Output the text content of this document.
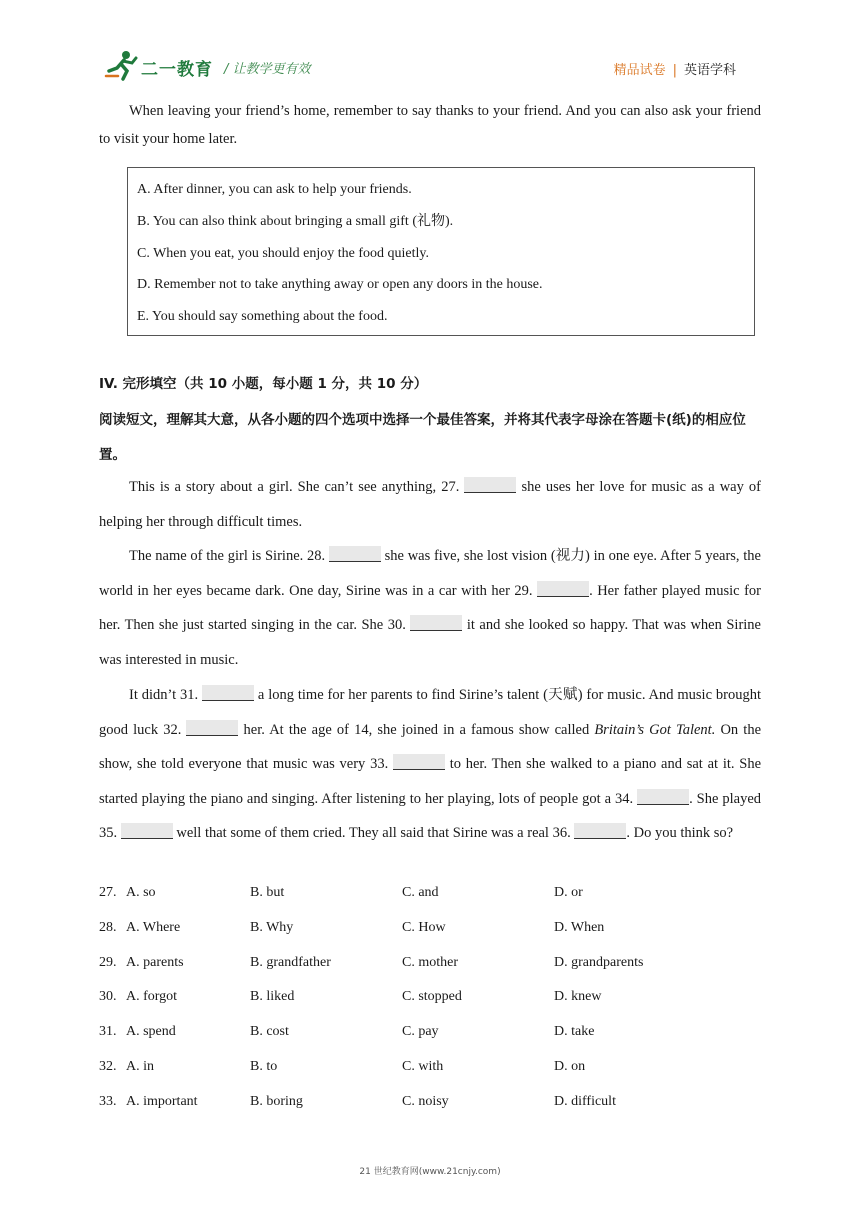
二一教育 / 让教学更有效	精品试卷 | 英语学科

When leaving your friend’s home, remember to say thanks to your friend. And you can also ask your friend to visit your home later.

A. After dinner, you can ask to help your friends.
B. You can also think about bringing a small gift (礼物).
C. When you eat, you should enjoy the food quietly.
D. Remember not to take anything away or open any doors in the house.
E. You should say something about the food.
IV. 完形填空（共 10 小题，每小题 1 分，共 10 分）
阅读短文，理解其大意，从各小题的四个选项中选择一个最佳答案，并将其代表字母涂在答题卡(纸)的相应位置。

This is a story about a girl. She can’t see anything, 27.	she uses her love for music as a way of helping her through difficult times.

The name of the girl is Sirine. 28.	she was five, she lost vision (视力) in one eye. After 5 years, the world in her eyes became dark. One day, Sirine was in a car with her 29.	. Her father played music for her. Then she just started singing in the car. She 30.	it and she looked so happy. That was when Sirine was interested in music.

It didn’t 31.	a long time for her parents to find Sirine’s talent (天赋) for music. And music brought good luck 32.	her. At the age of 14, she joined in a famous show called Britain’s Got Talent. On the show, she told everyone that music was very 33.	to her. Then she walked to a piano and sat at it. She started playing the piano and singing. After listening to her playing, lots of people got a 34.	. She played 35.	well that some of them cried. They all said that Sirine was a real 36.	. Do you think so?

27. A. so	B. but	C. and	D. or
28. A. Where	B. Why	C. How	D. When
29. A. parents	B. grandfather	C. mother	D. grandparents
30. A. forgot	B. liked	C. stopped	D. knew
31. A. spend	B. cost	C. pay	D. take
32. A. in	B. to	C. with	D. on
33. A. important	B. boring	C. noisy	D. difficult
21 世纪教育网(www.21cnjy.com)
